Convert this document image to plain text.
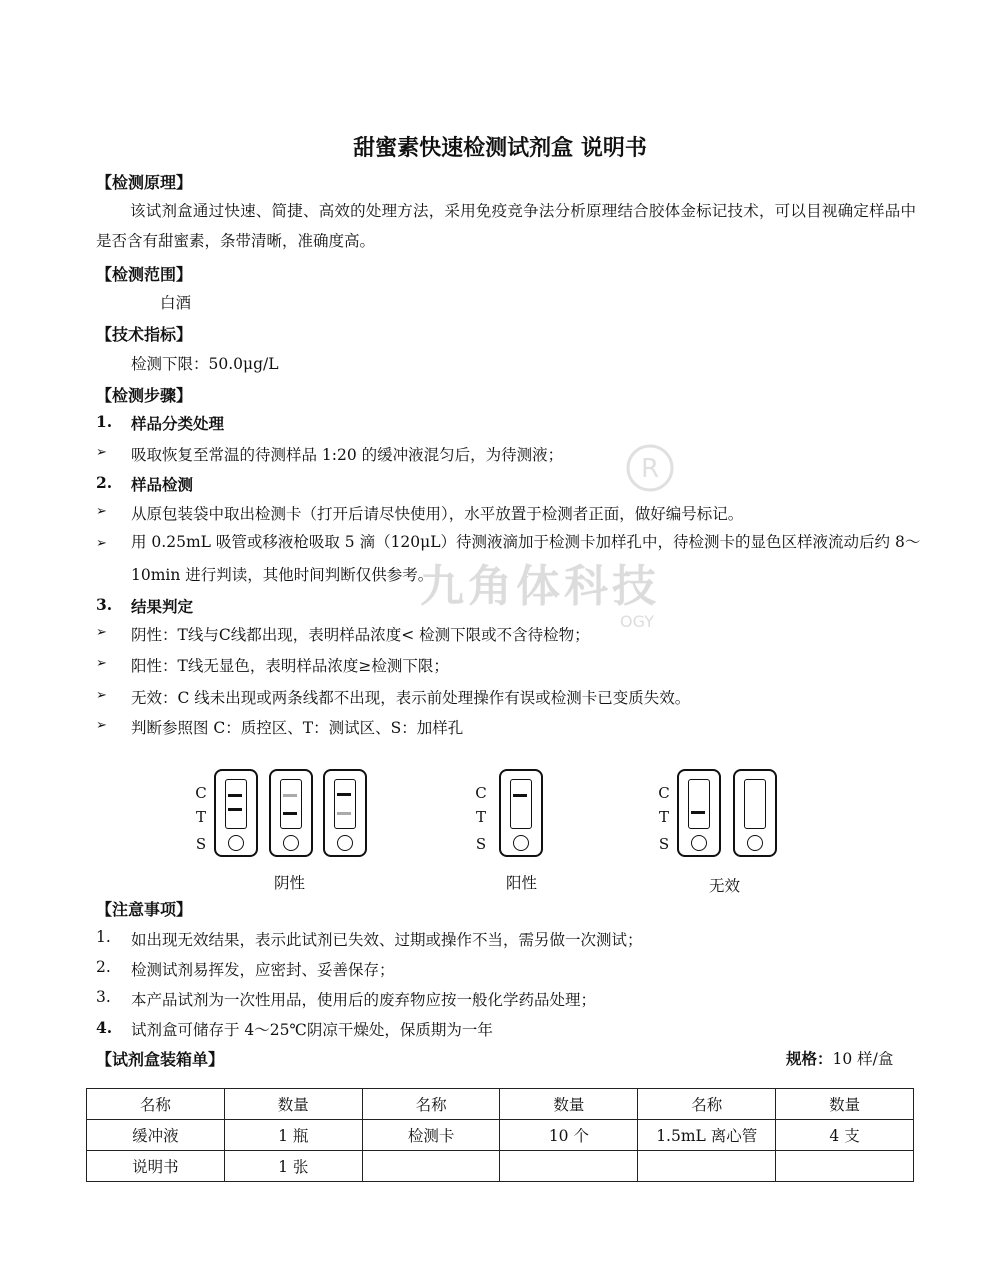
R
九角体科技
OGY
甜蜜素快速检测试剂盒 说明书
【检测原理】
该试剂盒通过快速、简捷、高效的处理方法，采用免疫竞争法分析原理结合胶体金标记技术，可以目视确定样品中是否含有甜蜜素，条带清晰，准确度高。
【检测范围】
白酒
【技术指标】
检测下限：50.0μg/L
【检测步骤】
1. 样品分类处理
➢ 吸取恢复至常温的待测样品 1:20 的缓冲液混匀后，为待测液；
2. 样品检测
➢ 从原包装袋中取出检测卡（打开后请尽快使用），水平放置于检测者正面，做好编号标记。
➢ 用 0.25mL 吸管或移液枪吸取 5 滴（120μL）待测液滴加于检测卡加样孔中，待检测卡的显色区样液流动后约 8～10min 进行判读，其他时间判断仅供参考。
3. 结果判定
➢ 阴性：T线与C线都出现，表明样品浓度< 检测下限或不含待检物；
➢ 阳性：T线无显色，表明样品浓度≥检测下限；
➢ 无效：C 线未出现或两条线都不出现，表示前处理操作有误或检测卡已变质失效。
➢ 判断参照图 C：质控区、T：测试区、S：加样孔
C
T
S
阴性
C
T
S
阳性
C
T
S
无效
【注意事项】
1. 如出现无效结果，表示此试剂已失效、过期或操作不当，需另做一次测试；
2. 检测试剂易挥发，应密封、妥善保存；
3. 本产品试剂为一次性用品，使用后的废弃物应按一般化学药品处理；
4. 试剂盒可储存于 4～25℃阴凉干燥处，保质期为一年
【试剂盒装箱单】	规格：10 样/盒
名称	数量	名称	数量	名称	数量
缓冲液	1 瓶	检测卡	10 个	1.5mL 离心管	4 支
说明书	1 张				
